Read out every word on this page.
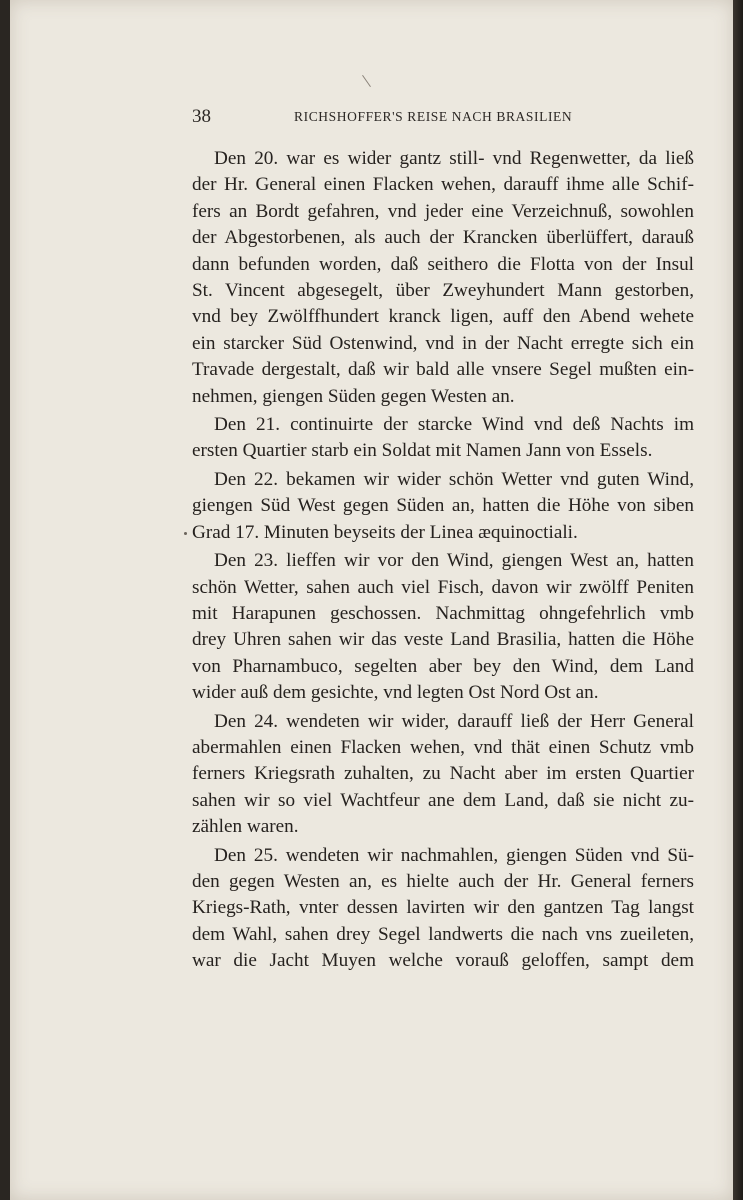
38	RICHSHOFFER'S REISE NACH BRASILIEN
Den 20. war es wider gantz still- vnd Regenwetter, da ließ
der Hr. General einen Flacken wehen, darauff ihme alle Schif-
fers an Bordt gefahren, vnd jeder eine Verzeichnuß, sowohlen
der Abgestorbenen, als auch der Krancken überlüffert, darauß
dann befunden worden, daß seithero die Flotta von der Insul
St. Vincent abgesegelt, über Zweyhundert Mann gestorben,
vnd bey Zwölffhundert kranck ligen, auff den Abend wehete
ein starcker Süd Ostenwind, vnd in der Nacht erregte sich ein
Travade dergestalt, daß wir bald alle vnsere Segel mußten ein-
nehmen, giengen Süden gegen Westen an.
Den 21. continuirte der starcke Wind vnd deß Nachts im
ersten Quartier starb ein Soldat mit Namen Jann von Essels.
Den 22. bekamen wir wider schön Wetter vnd guten Wind,
giengen Süd West gegen Süden an, hatten die Höhe von siben
Grad 17. Minuten beyseits der Linea æquinoctiali.
Den 23. lieffen wir vor den Wind, giengen West an, hatten
schön Wetter, sahen auch viel Fisch, davon wir zwölff Peniten
mit Harapunen geschossen. Nachmittag ohngefehrlich vmb
drey Uhren sahen wir das veste Land Brasilia, hatten die Höhe
von Pharnambuco, segelten aber bey den Wind, dem Land
wider auß dem gesichte, vnd legten Ost Nord Ost an.
Den 24. wendeten wir wider, darauff ließ der Herr General
abermahlen einen Flacken wehen, vnd thät einen Schutz vmb
ferners Kriegsrath zuhalten, zu Nacht aber im ersten Quartier
sahen wir so viel Wachtfeur ane dem Land, daß sie nicht zu-
zählen waren.
Den 25. wendeten wir nachmahlen, giengen Süden vnd Sü-
den gegen Westen an, es hielte auch der Hr. General ferners
Kriegs-Rath, vnter dessen lavirten wir den gantzen Tag langst
dem Wahl, sahen drey Segel landwerts die nach vns zueileten,
war die Jacht Muyen welche vorauß geloffen, sampt dem
